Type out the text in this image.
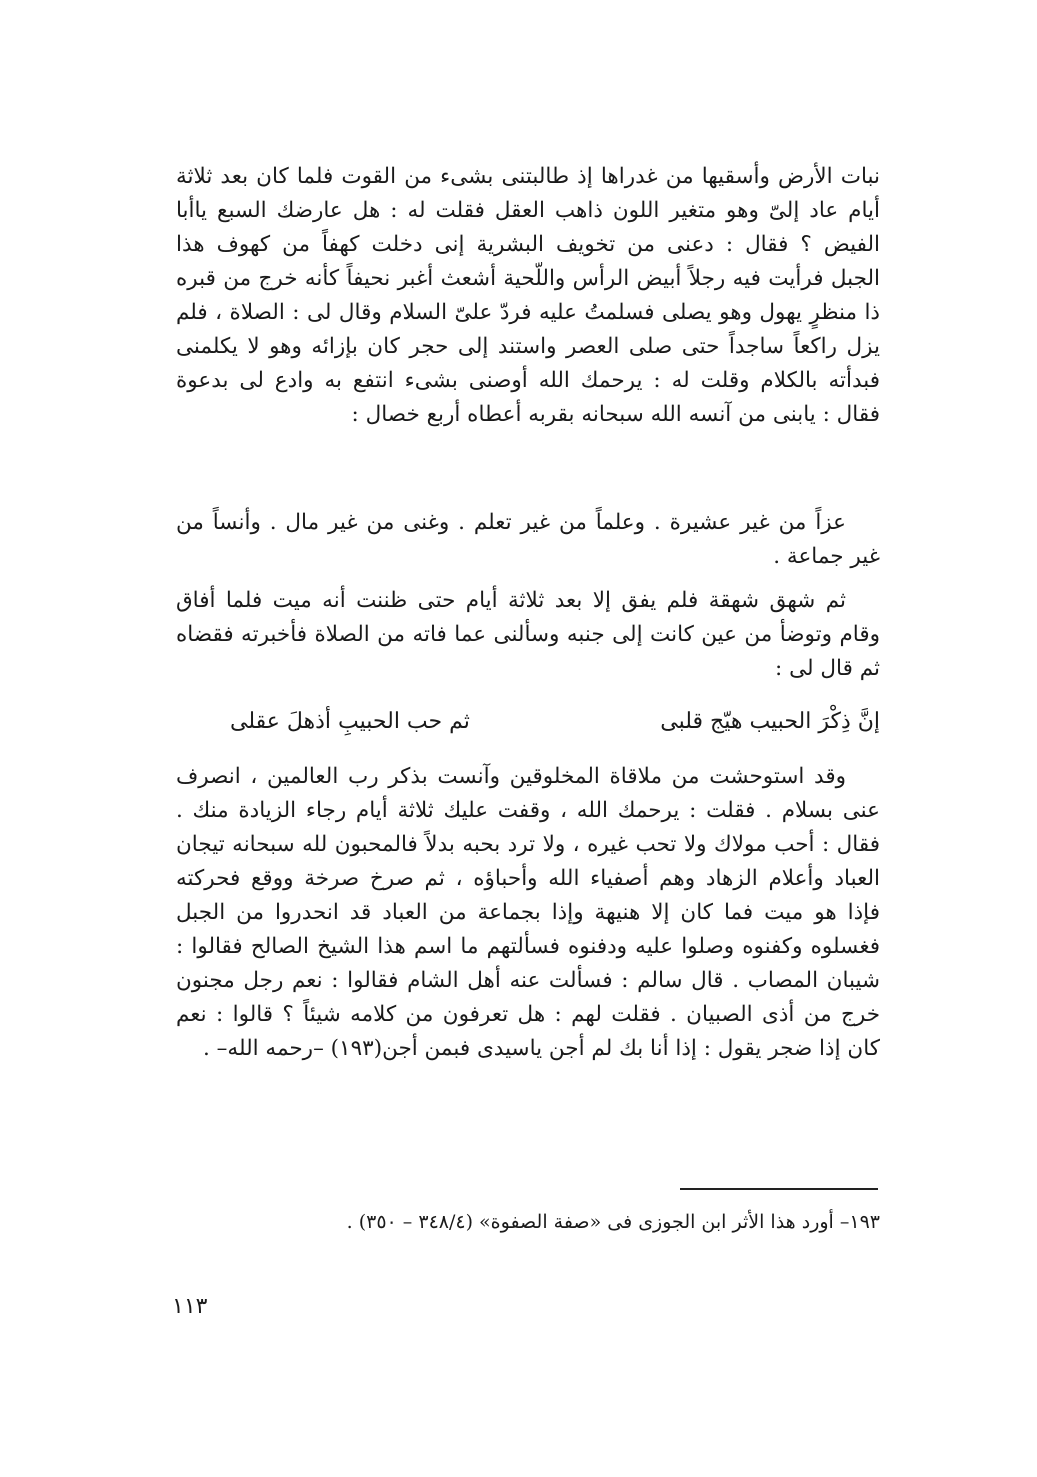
نبات الأرض وأسقيها من غدراها إذ طالبتنى بشىء من القوت فلما كان بعد ثلاثة
أيام عاد إلىّ وهو متغير اللون ذاهب العقل فقلت له : هل عارضك السبع ياأبا
الفيض ؟ فقال : دعنى من تخويف البشرية إنى دخلت كهفاً من كهوف هذا
الجبل فرأيت فيه رجلاً أبيض الرأس واللّحية أشعث أغبر نحيفاً كأنه خرج من قبره
ذا منظرٍ يهول وهو يصلى فسلمتُ عليه فردّ علىّ السلام وقال لى : الصلاة ، فلم
يزل راكعاً ساجداً حتى صلى العصر واستند إلى حجر كان بإزائه وهو لا يكلمنى
فبدأته بالكلام وقلت له : يرحمك الله أوصنى بشىء انتفع به وادع لى بدعوة
فقال : يابنى من آنسه الله سبحانه بقربه أعطاه أربع خصال :
عزاً من غير عشيرة . وعلماً من غير تعلم . وغنى من غير مال . وأنساً من
غير جماعة .
ثم شهق شهقة فلم يفق إلا بعد ثلاثة أيام حتى ظننت أنه ميت فلما أفاق
وقام وتوضأ من عين كانت إلى جنبه وسألنى عما فاته من الصلاة فأخبرته فقضاه
ثم قال لى :
إنَّ ذِكْرَ الحبيب هيّج قلبى
ثم حب الحبيبِ أذهلَ عقلى
وقد استوحشت من ملاقاة المخلوقين وآنست بذكر رب العالمين ، انصرف
عنى بسلام . فقلت : يرحمك الله ، وقفت عليك ثلاثة أيام رجاء الزيادة منك .
فقال : أحب مولاك ولا تحب غيره ، ولا ترد بحبه بدلاً فالمحبون لله سبحانه تيجان
العباد وأعلام الزهاد وهم أصفياء الله وأحباؤه ، ثم صرخ صرخة ووقع فحركته
فإذا هو ميت فما كان إلا هنيهة وإذا بجماعة من العباد قد انحدروا من الجبل
فغسلوه وكفنوه وصلوا عليه ودفنوه فسألتهم ما اسم هذا الشيخ الصالح فقالوا :
شيبان المصاب . قال سالم : فسألت عنه أهل الشام فقالوا : نعم رجل مجنون
خرج من أذى الصبيان . فقلت لهم : هل تعرفون من كلامه شيئاً ؟ قالوا : نعم
كان إذا ضجر يقول : إذا أنا بك لم أجن ياسيدى فبمن أجن(١٩٣) –رحمه الله– .
١٩٣– أورد هذا الأثر ابن الجوزى فى «صفة الصفوة» (٣٤٨/٤ – ٣٥٠) .
١١٣
